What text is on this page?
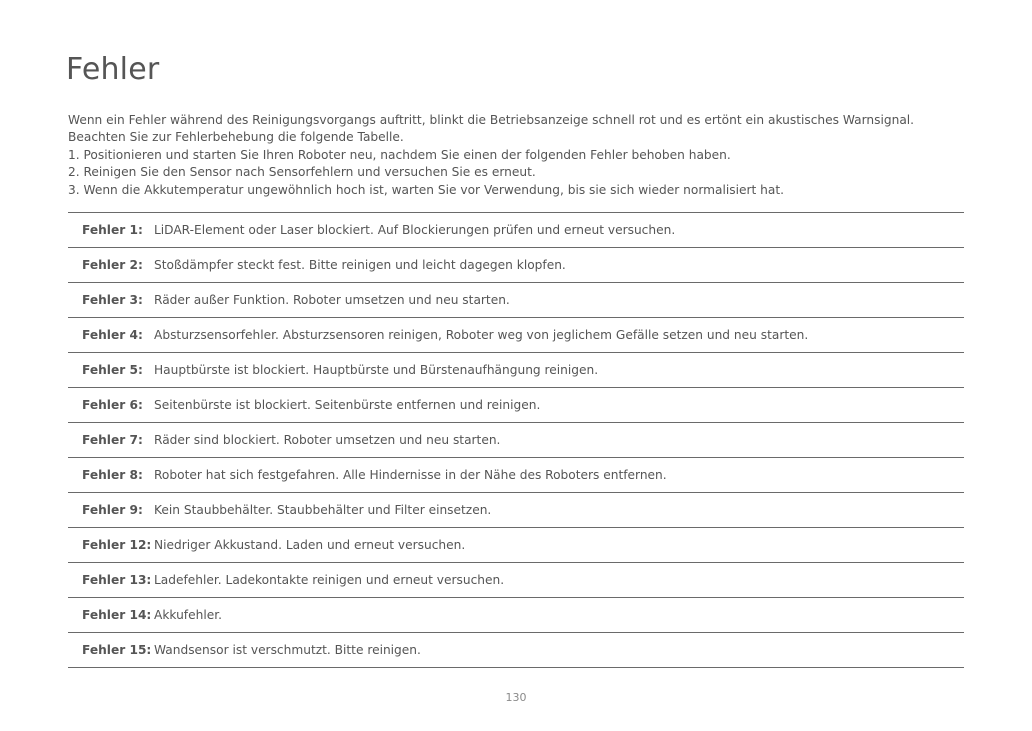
Fehler

Wenn ein Fehler während des Reinigungsvorgangs auftritt, blinkt die Betriebsanzeige schnell rot und es ertönt ein akustisches Warnsignal.

Beachten Sie zur Fehlerbehebung die folgende Tabelle.

1. Positionieren und starten Sie Ihren Roboter neu, nachdem Sie einen der folgenden Fehler behoben haben.

2. Reinigen Sie den Sensor nach Sensorfehlern und versuchen Sie es erneut.

3. Wenn die Akkutemperatur ungewöhnlich hoch ist, warten Sie vor Verwendung, bis sie sich wieder normalisiert hat.

Fehler 1: LiDAR-Element oder Laser blockiert. Auf Blockierungen prüfen und erneut versuchen.
Fehler 2: Stoßdämpfer steckt fest. Bitte reinigen und leicht dagegen klopfen.
Fehler 3: Räder außer Funktion. Roboter umsetzen und neu starten.
Fehler 4: Absturzsensorfehler. Absturzsensoren reinigen, Roboter weg von jeglichem Gefälle setzen und neu starten.
Fehler 5: Hauptbürste ist blockiert. Hauptbürste und Bürstenaufhängung reinigen.
Fehler 6: Seitenbürste ist blockiert. Seitenbürste entfernen und reinigen.
Fehler 7: Räder sind blockiert. Roboter umsetzen und neu starten.
Fehler 8: Roboter hat sich festgefahren. Alle Hindernisse in der Nähe des Roboters entfernen.
Fehler 9: Kein Staubbehälter. Staubbehälter und Filter einsetzen.
Fehler 12: Niedriger Akkustand. Laden und erneut versuchen.
Fehler 13: Ladefehler. Ladekontakte reinigen und erneut versuchen.
Fehler 14: Akkufehler.
Fehler 15: Wandsensor ist verschmutzt. Bitte reinigen.
130
